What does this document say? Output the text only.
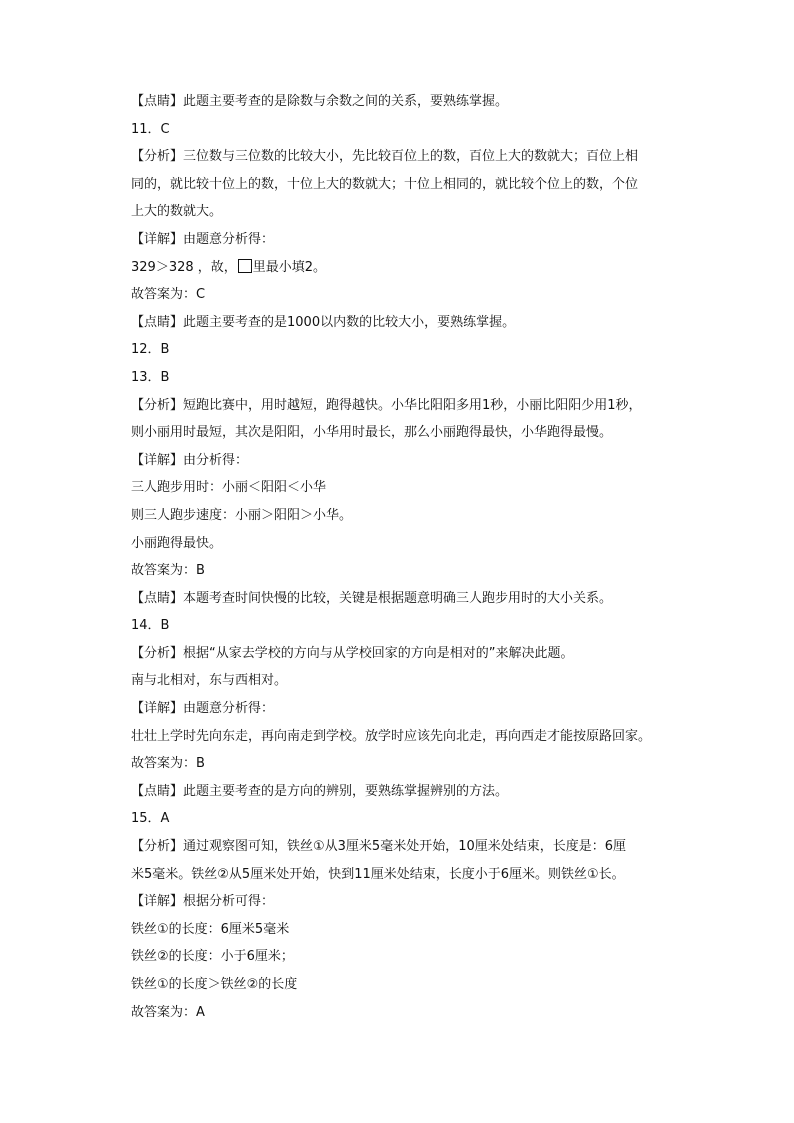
【点睛】此题主要考查的是除数与余数之间的关系，要熟练掌握。
11．C
【分析】三位数与三位数的比较大小，先比较百位上的数，百位上大的数就大；百位上相
同的，就比较十位上的数，十位上大的数就大；十位上相同的，就比较个位上的数，个位
上大的数就大。
【详解】由题意分析得：
329＞328 ，故， 里最小填2。
故答案为：C
【点睛】此题主要考查的是1000以内数的比较大小，要熟练掌握。
12．B
13．B
【分析】短跑比赛中，用时越短，跑得越快。小华比阳阳多用1秒，小丽比阳阳少用1秒，
则小丽用时最短，其次是阳阳，小华用时最长，那么小丽跑得最快，小华跑得最慢。
【详解】由分析得：
三人跑步用时：小丽＜阳阳＜小华
则三人跑步速度：小丽＞阳阳＞小华。
小丽跑得最快。
故答案为：B
【点睛】本题考查时间快慢的比较，关键是根据题意明确三人跑步用时的大小关系。
14．B
【分析】根据“从家去学校的方向与从学校回家的方向是相对的”来解决此题。
南与北相对，东与西相对。
【详解】由题意分析得：
壮壮上学时先向东走，再向南走到学校。放学时应该先向北走，再向西走才能按原路回家。
故答案为：B
【点睛】此题主要考查的是方向的辨别，要熟练掌握辨别的方法。
15．A
【分析】通过观察图可知，铁丝①从3厘米5毫米处开始，10厘米处结束，长度是：6厘
米5毫米。铁丝②从5厘米处开始，快到11厘米处结束，长度小于6厘米。则铁丝①长。
【详解】根据分析可得：
铁丝①的长度：6厘米5毫米
铁丝②的长度：小于6厘米；
铁丝①的长度＞铁丝②的长度
故答案为：A
